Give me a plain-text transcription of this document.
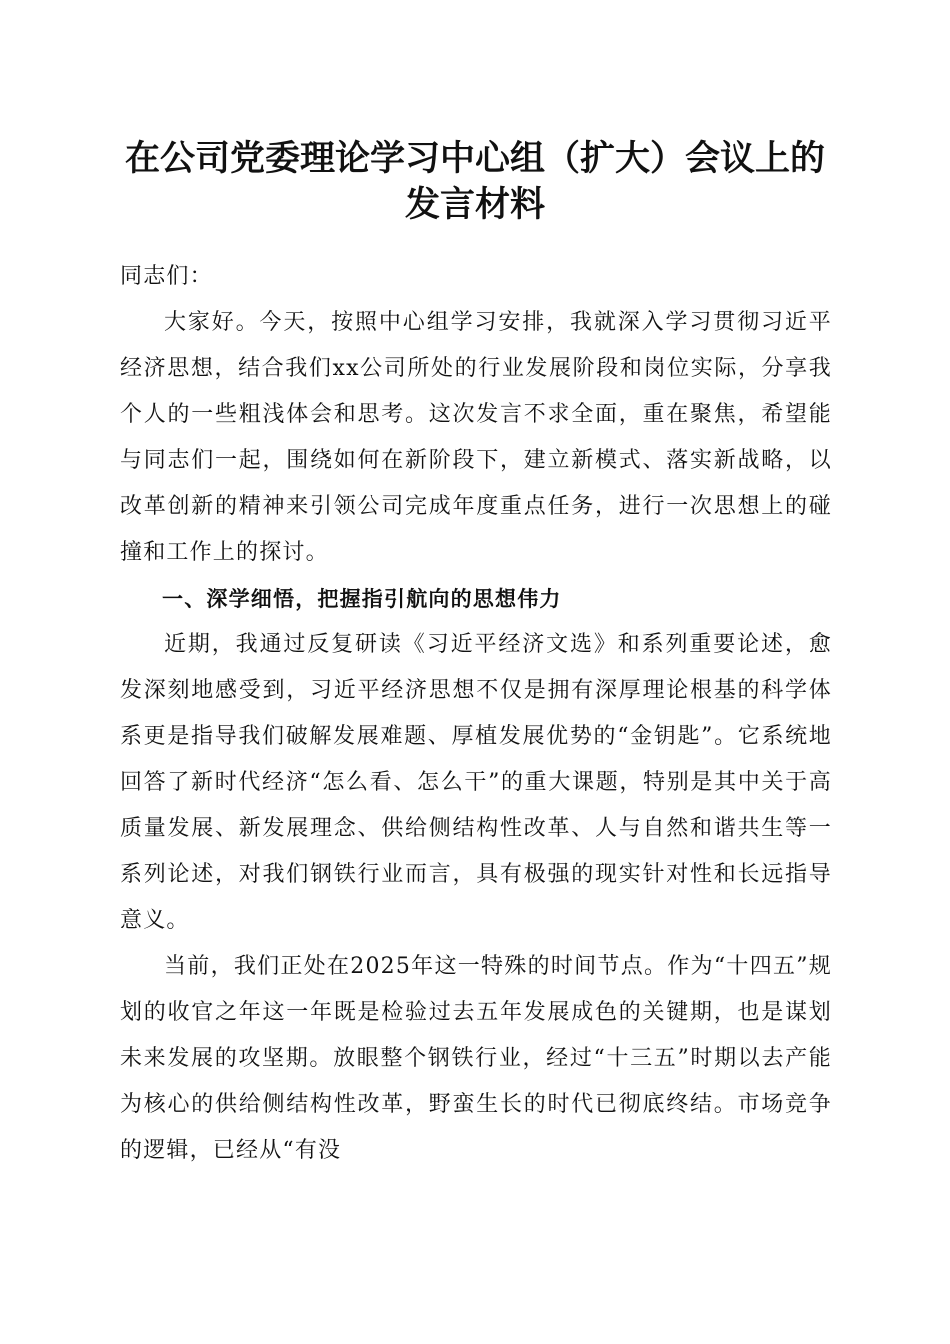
在公司党委理论学习中心组（扩大）会议上的发言材料

同志们：

大家好。今天，按照中心组学习安排，我就深入学习贯彻习近平经济思想，结合我们xx公司所处的行业发展阶段和岗位实际，分享我个人的一些粗浅体会和思考。这次发言不求全面，重在聚焦，希望能与同志们一起，围绕如何在新阶段下，建立新模式、落实新战略，以改革创新的精神来引领公司完成年度重点任务，进行一次思想上的碰撞和工作上的探讨。

一、深学细悟，把握指引航向的思想伟力

近期，我通过反复研读《习近平经济文选》和系列重要论述，愈发深刻地感受到，习近平经济思想不仅是拥有深厚理论根基的科学体系更是指导我们破解发展难题、厚植发展优势的“金钥匙”。它系统地回答了新时代经济“怎么看、怎么干”的重大课题，特别是其中关于高质量发展、新发展理念、供给侧结构性改革、人与自然和谐共生等一系列论述，对我们钢铁行业而言，具有极强的现实针对性和长远指导意义。

当前，我们正处在2025年这一特殊的时间节点。作为“十四五”规划的收官之年这一年既是检验过去五年发展成色的关键期，也是谋划未来发展的攻坚期。放眼整个钢铁行业，经过“十三五”时期以去产能为核心的供给侧结构性改革，野蛮生长的时代已彻底终结。市场竞争的逻辑，已经从“有没
